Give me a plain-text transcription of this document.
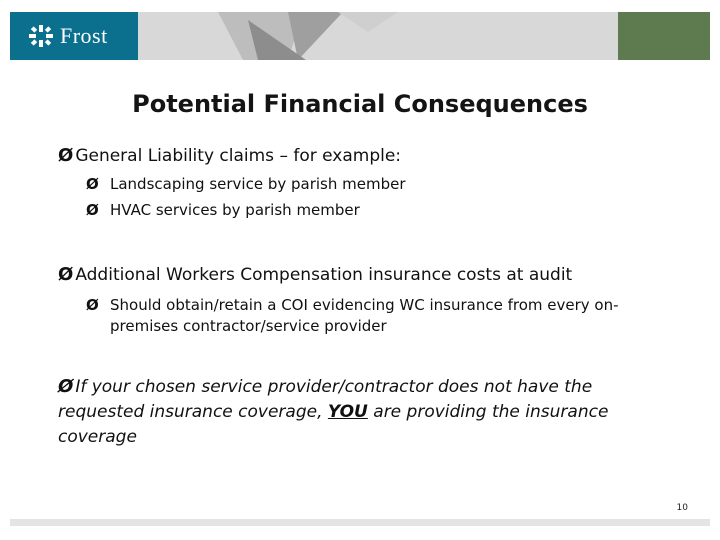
Frost
Potential Financial Consequences
Ø General Liability claims – for example:
Ø Landscaping service by parish member
Ø HVAC services by parish member
Ø Additional Workers Compensation insurance costs at audit
Ø Should obtain/retain a COI evidencing WC insurance from every on-premises contractor/service provider
Ø If your chosen service provider/contractor does not have the requested insurance coverage, YOU are providing the insurance coverage
10
